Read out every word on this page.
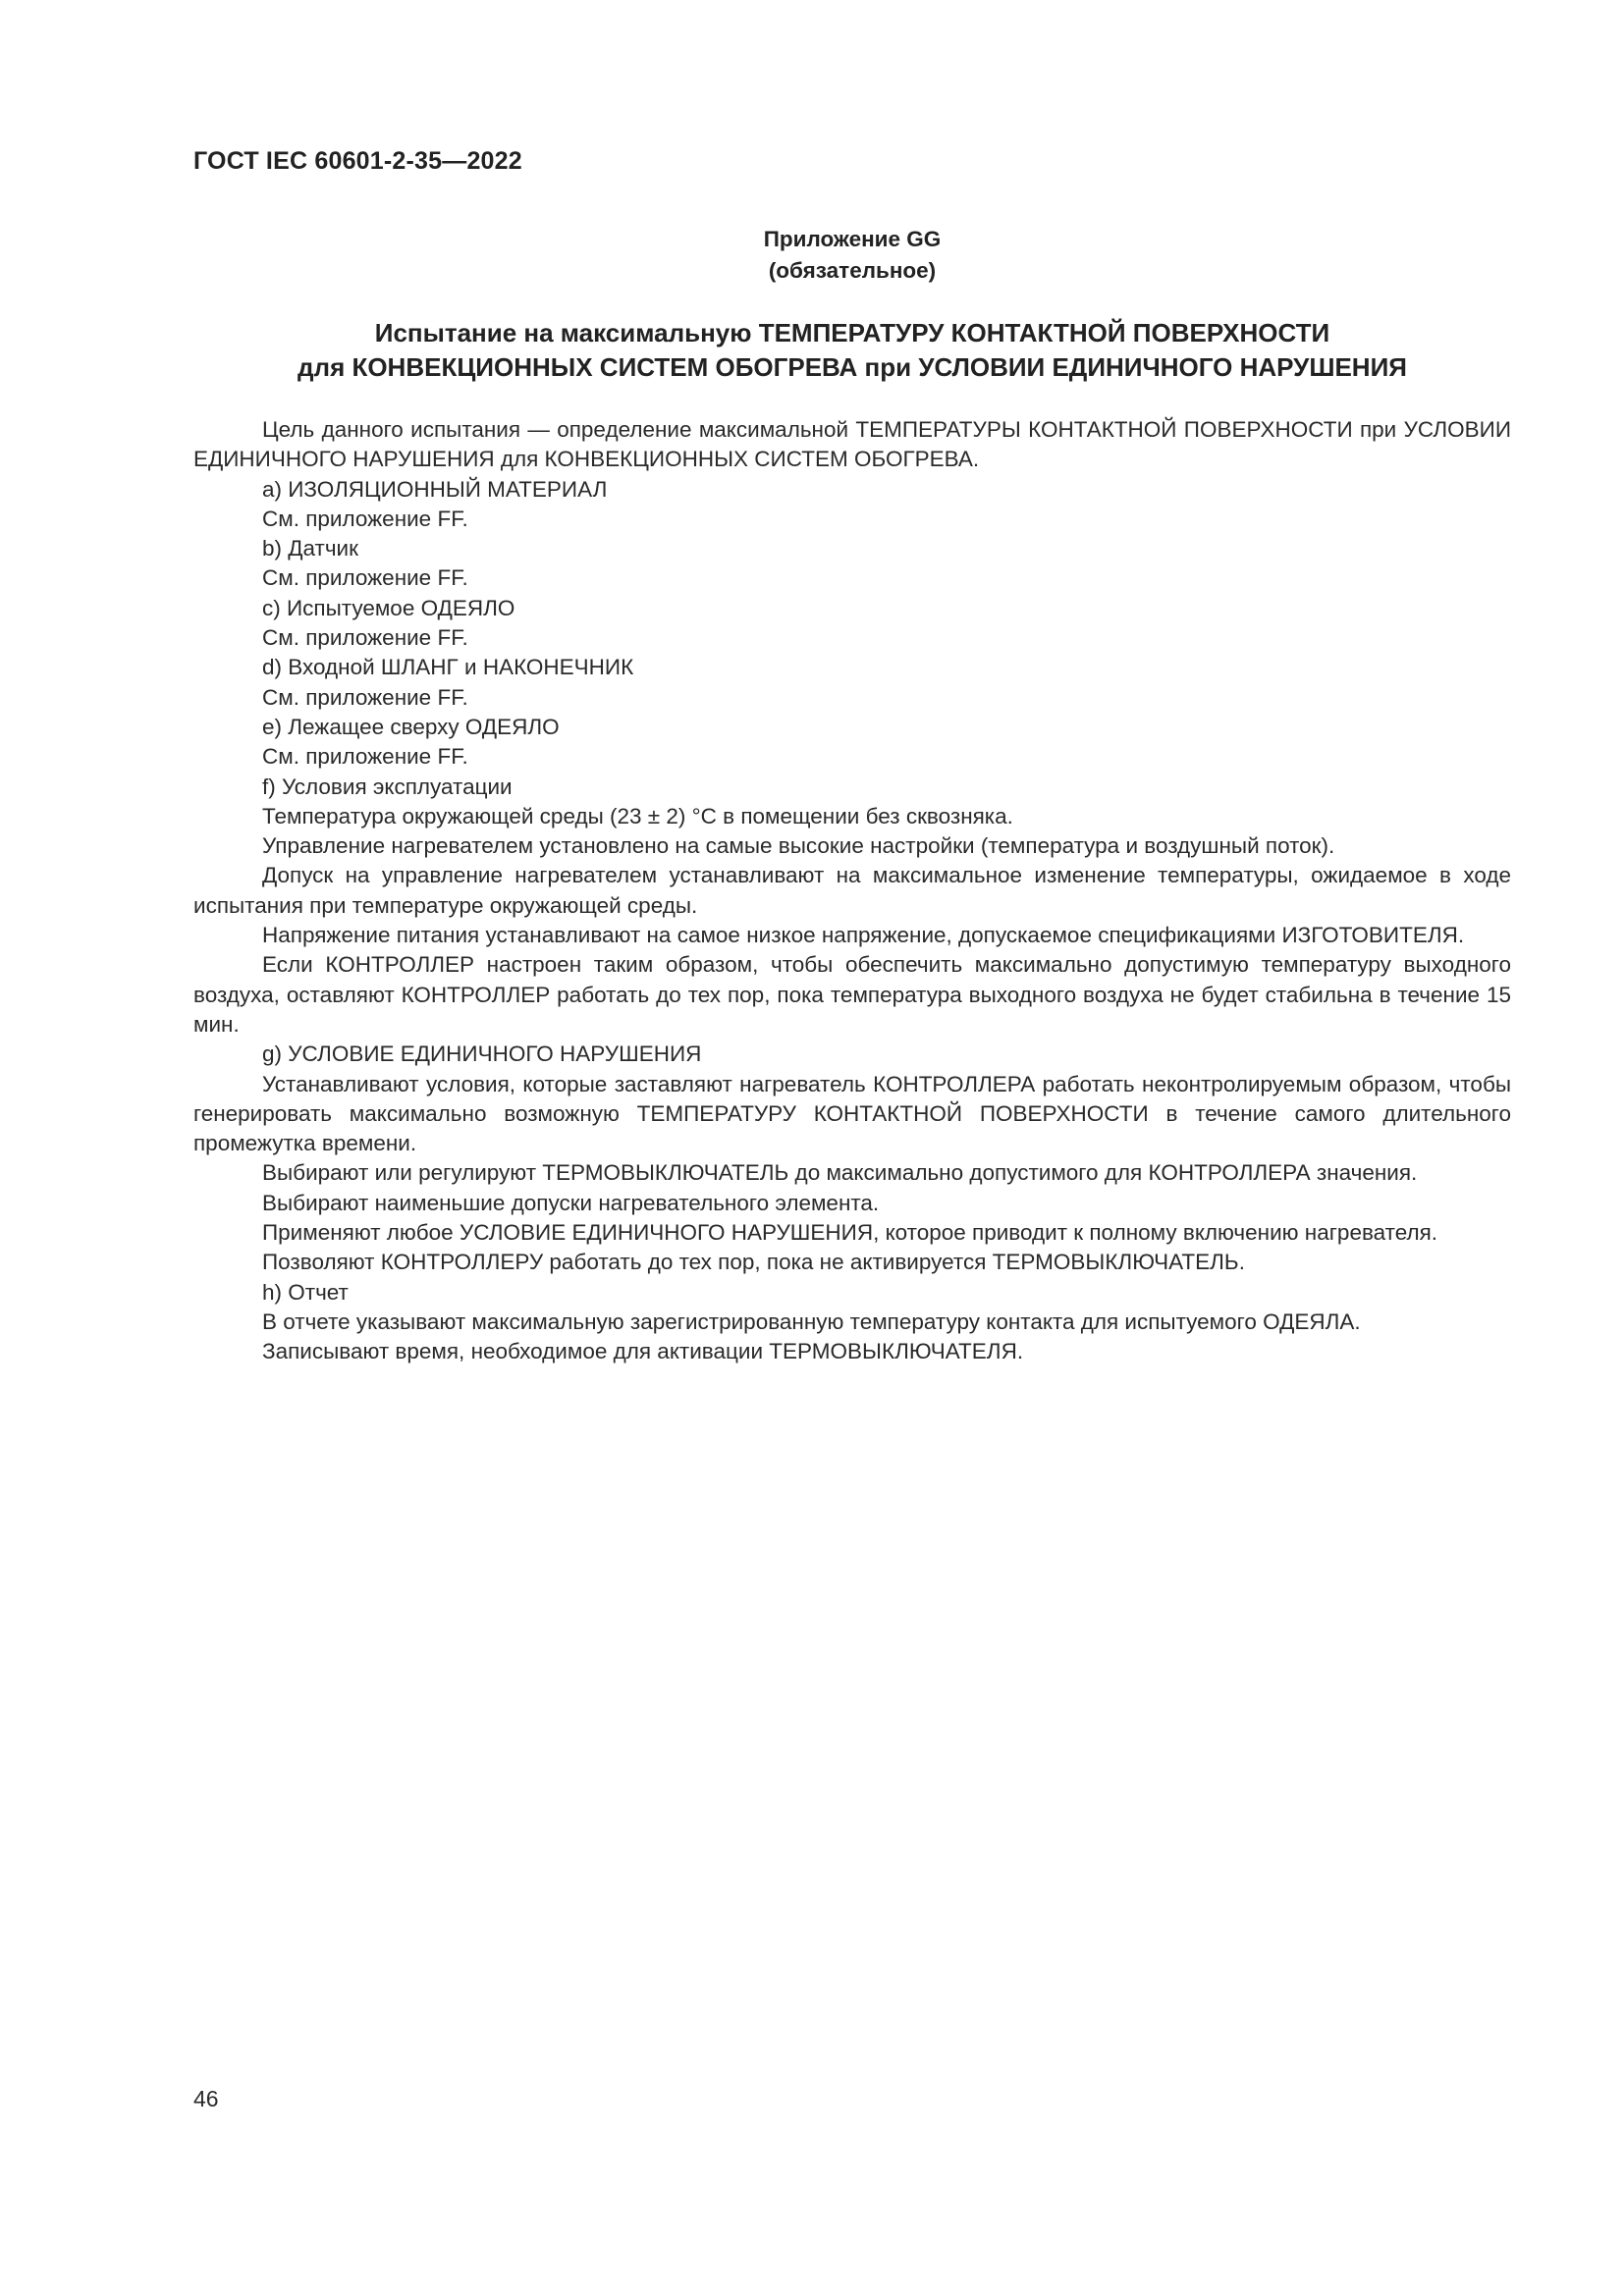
ГОСТ IEC 60601-2-35—2022
Приложение GG
(обязательное)
Испытание на максимальную ТЕМПЕРАТУРУ КОНТАКТНОЙ ПОВЕРХНОСТИ
для КОНВЕКЦИОННЫХ СИСТЕМ ОБОГРЕВА при УСЛОВИИ ЕДИНИЧНОГО НАРУШЕНИЯ

Цель данного испытания — определение максимальной ТЕМПЕРАТУРЫ КОНТАКТНОЙ ПОВЕРХНОСТИ при УСЛОВИИ ЕДИНИЧНОГО НАРУШЕНИЯ для КОНВЕКЦИОННЫХ СИСТЕМ ОБОГРЕВА.

a) ИЗОЛЯЦИОННЫЙ МАТЕРИАЛ

См. приложение FF.

b) Датчик

См. приложение FF.

c) Испытуемое ОДЕЯЛО

См. приложение FF.

d) Входной ШЛАНГ и НАКОНЕЧНИК

См. приложение FF.

e) Лежащее сверху ОДЕЯЛО

См. приложение FF.

f) Условия эксплуатации

Температура окружающей среды (23 ± 2) °С в помещении без сквозняка.

Управление нагревателем установлено на самые высокие настройки (температура и воздушный поток).

Допуск на управление нагревателем устанавливают на максимальное изменение температуры, ожидаемое в ходе испытания при температуре окружающей среды.

Напряжение питания устанавливают на самое низкое напряжение, допускаемое спецификациями ИЗГОТОВИТЕЛЯ.

Если КОНТРОЛЛЕР настроен таким образом, чтобы обеспечить максимально допустимую температуру выходного воздуха, оставляют КОНТРОЛЛЕР работать до тех пор, пока температура выходного воздуха не будет стабильна в течение 15 мин.

g) УСЛОВИЕ ЕДИНИЧНОГО НАРУШЕНИЯ

Устанавливают условия, которые заставляют нагреватель КОНТРОЛЛЕРА работать неконтролируемым образом, чтобы генерировать максимально возможную ТЕМПЕРАТУРУ КОНТАКТНОЙ ПОВЕРХНОСТИ в течение самого длительного промежутка времени.

Выбирают или регулируют ТЕРМОВЫКЛЮЧАТЕЛЬ до максимально допустимого для КОНТРОЛЛЕРА значения.

Выбирают наименьшие допуски нагревательного элемента.

Применяют любое УСЛОВИЕ ЕДИНИЧНОГО НАРУШЕНИЯ, которое приводит к полному включению нагревателя.

Позволяют КОНТРОЛЛЕРУ работать до тех пор, пока не активируется ТЕРМОВЫКЛЮЧАТЕЛЬ.

h) Отчет

В отчете указывают максимальную зарегистрированную температуру контакта для испытуемого ОДЕЯЛА.

Записывают время, необходимое для активации ТЕРМОВЫКЛЮЧАТЕЛЯ.

46
